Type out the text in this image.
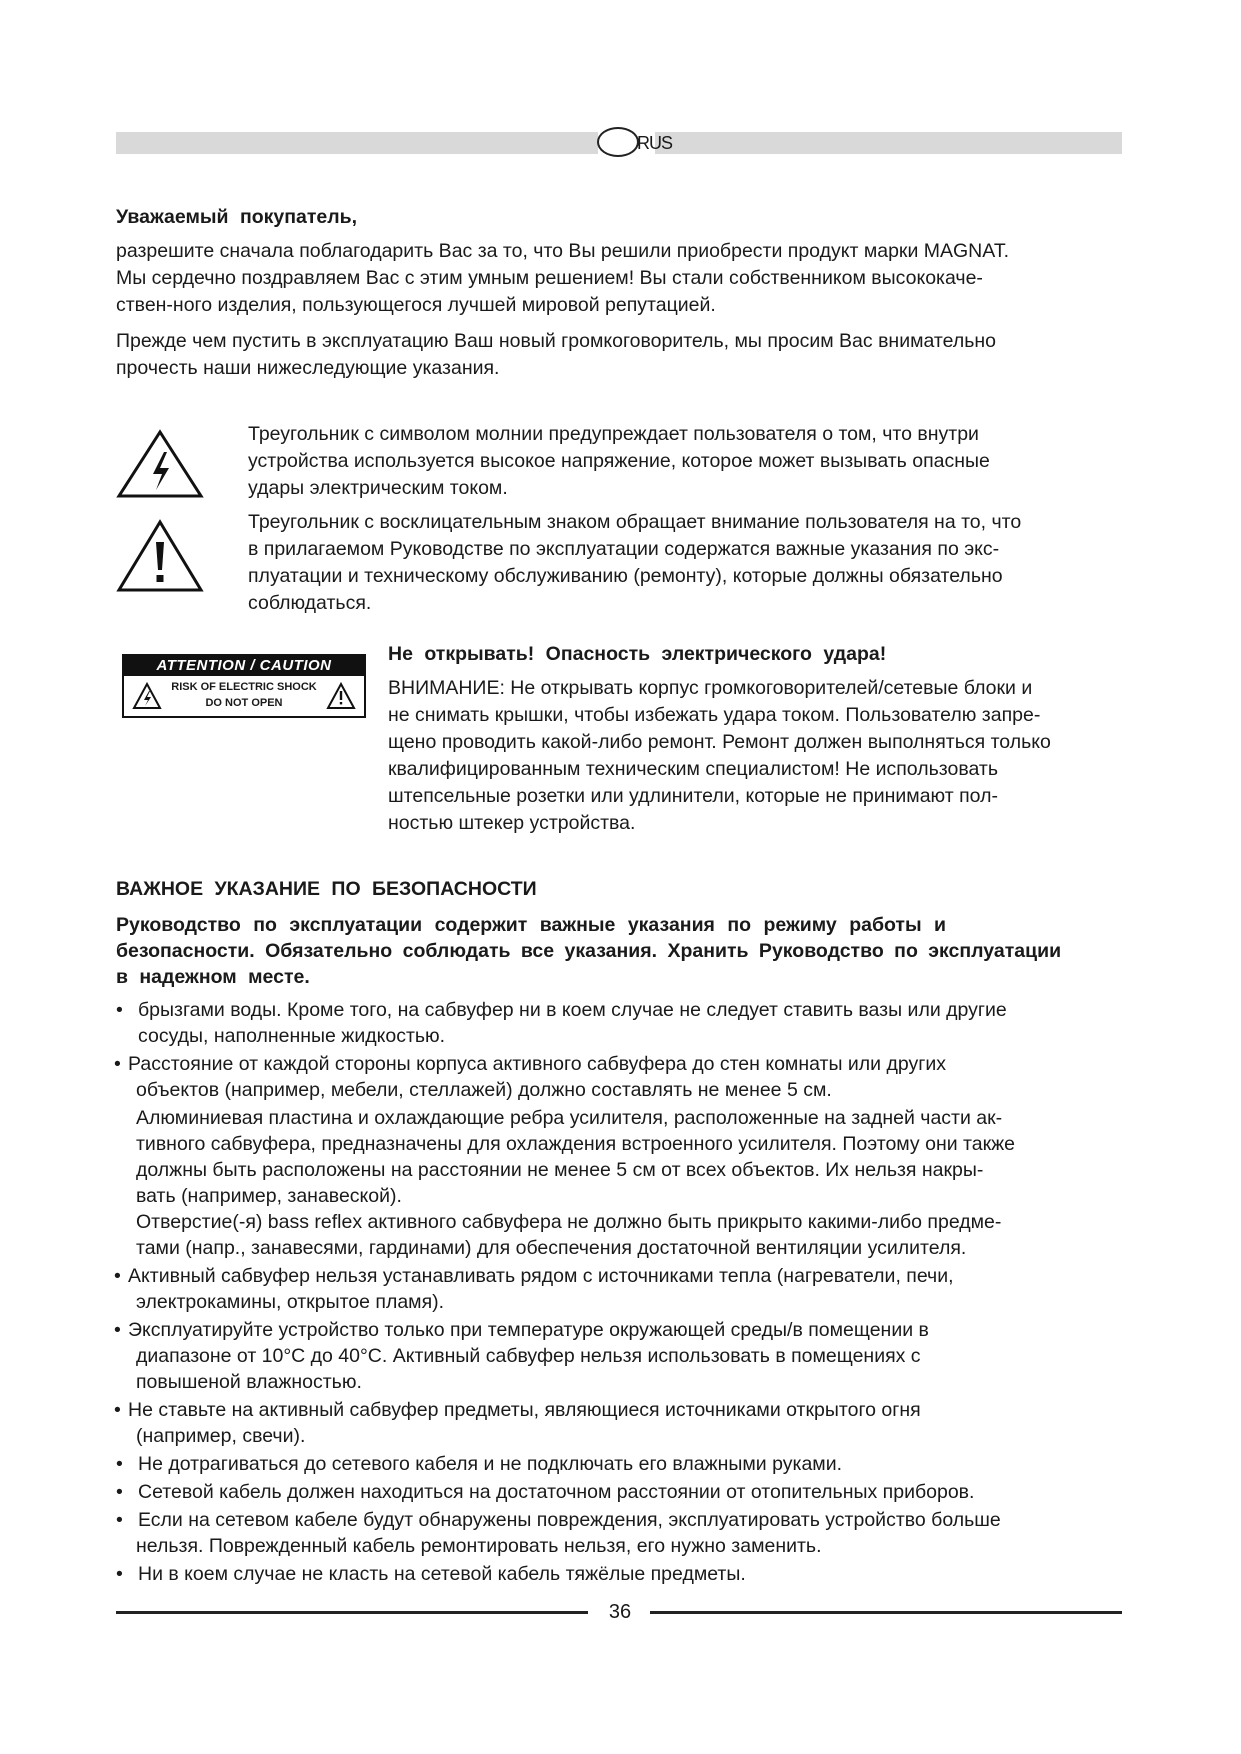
RUS

Уважаемый покупатель,

разрешите сначала поблагодарить Вас за то, что Вы решили приобрести продукт марки MAGNAT.

Мы сердечно поздравляем Вас с этим умным решением! Вы стали собственником высококаче-

ствен-ного изделия, пользующегося лучшей мировой репутацией.

Прежде чем пустить в эксплуатацию Ваш новый громкоговоритель, мы просим Вас внимательно

прочесть наши нижеследующие указания.

Треугольник с символом молнии предупреждает пользователя о том, что внутри

устройства используется высокое напряжение, которое может вызывать опасные

удары электрическим током.

Треугольник с восклицательным знаком обращает внимание пользователя на то, что

в прилагаемом Руководстве по эксплуатации содержатся важные указания по экс-

плуатации и техническому обслуживанию (ремонту), которые должны обязательно

соблюдаться.

ATTENTION / CAUTION
RISK OF ELECTRIC SHOCK
DO NOT OPEN

Не открывать! Опасность электрического удара!

ВНИМАНИЕ: Не открывать корпус громкоговорителей/сетевые блоки и

не снимать крышки, чтобы избежать удара током. Пользователю запре-

щено проводить какой-либо ремонт. Ремонт должен выполняться только

квалифицированным техническим специалистом! Не использовать

штепсельные розетки или удлинители, которые не принимают пол-

ностью штекер устройства.

ВАЖНОЕ УКАЗАНИЕ ПО БЕЗОПАСНОСТИ

Руководство по эксплуатации содержит важные указания по режиму работы и

безопасности. Обязательно соблюдать все указания. Хранить Руководство по эксплуатации

в надежном месте.

• брызгами воды. Кроме того, на сабвуфер ни в коем случае не следует ставить вазы или другие
сосуды, наполненные жидкостью.
• Расстояние от каждой стороны корпуса активного сабвуфера до стен комнаты или других
объектов (например, мебели, стеллажей) должно составлять не менее 5 см.
Алюминиевая пластина и охлаждающие ребра усилителя, расположенные на задней части ак-
тивного сабвуфера, предназначены для охлаждения встроенного усилителя. Поэтому они также
должны быть расположены на расстоянии не менее 5 см от всех объектов. Их нельзя накры-
вать (например, занавеской).
Отверстие(-я) bass reflex активного сабвуфера не должно быть прикрыто какими-либо предме-
тами (напр., занавесями, гардинами) для обеспечения достаточной вентиляции усилителя.
• Активный сабвуфер нельзя устанавливать рядом с источниками тепла (нагреватели, печи,
электрокамины, открытое пламя).
• Эксплуатируйте устройство только при температуре окружающей среды/в помещении в
диапазоне от 10°С до 40°С. Активный сабвуфер нельзя использовать в помещениях с
повышеной влажностью.
• Не ставьте на активный сабвуфер предметы, являющиеся источниками открытого огня
(например, свечи).
• Не дотрагиваться до сетевого кабеля и не подключать его влажными руками.
• Сетевой кабель должен находиться на достаточном расстоянии от отопительных приборов.
• Если на сетевом кабеле будут обнаружены повреждения, эксплуатировать устройство больше
нельзя. Поврежденный кабель ремонтировать нельзя, его нужно заменить.
• Ни в коем случае не класть на сетевой кабель тяжёлые предметы.
36
